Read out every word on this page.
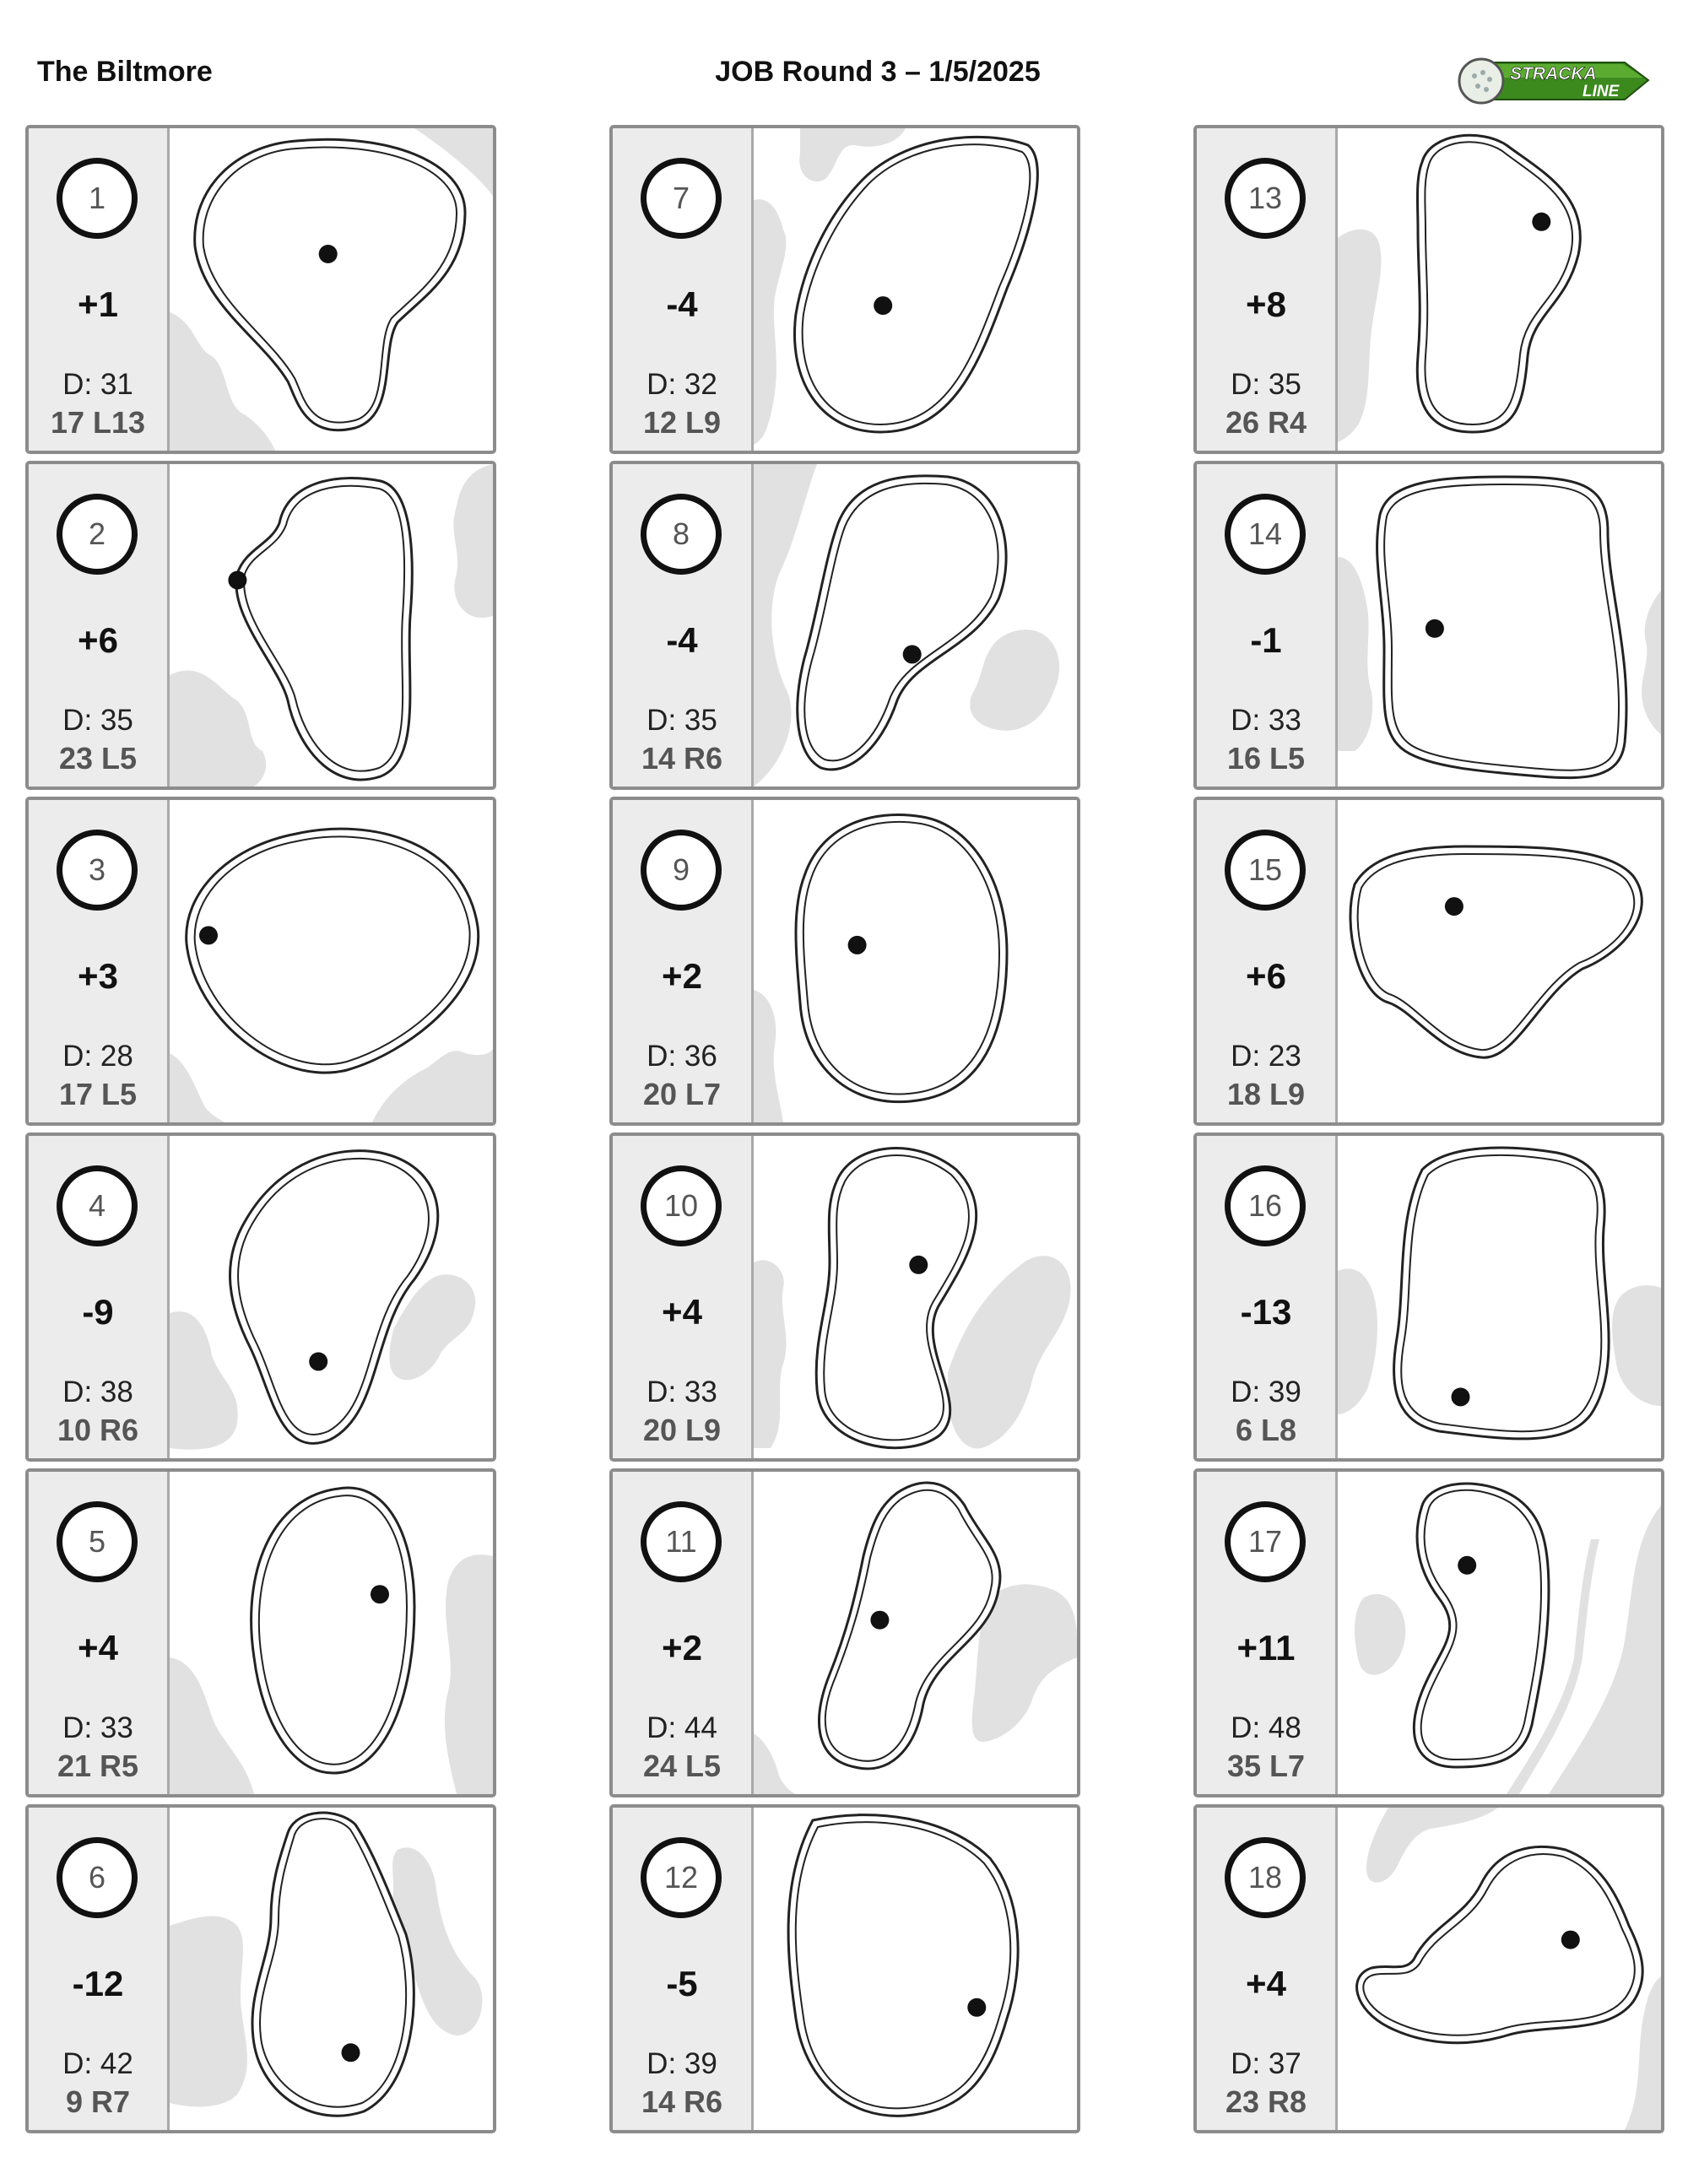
The Biltmore	JOB Round 3 – 1/5/2025	STRACKA
LINE
1
+1
D: 31
17 L13
2
+6
D: 35
23 L5
3
+3
D: 28
17 L5
4
-9
D: 38
10 R6
5
+4
D: 33
21 R5
6
-12
D: 42
9 R7
7
-4
D: 32
12 L9
8
-4
D: 35
14 R6
9
+2
D: 36
20 L7
10
+4
D: 33
20 L9
11
+2
D: 44
24 L5
12
-5
D: 39
14 R6
13
+8
D: 35
26 R4
14
-1
D: 33
16 L5
15
+6
D: 23
18 L9
16
-13
D: 39
6 L8
17
+11
D: 48
35 L7
18
+4
D: 37
23 R8
